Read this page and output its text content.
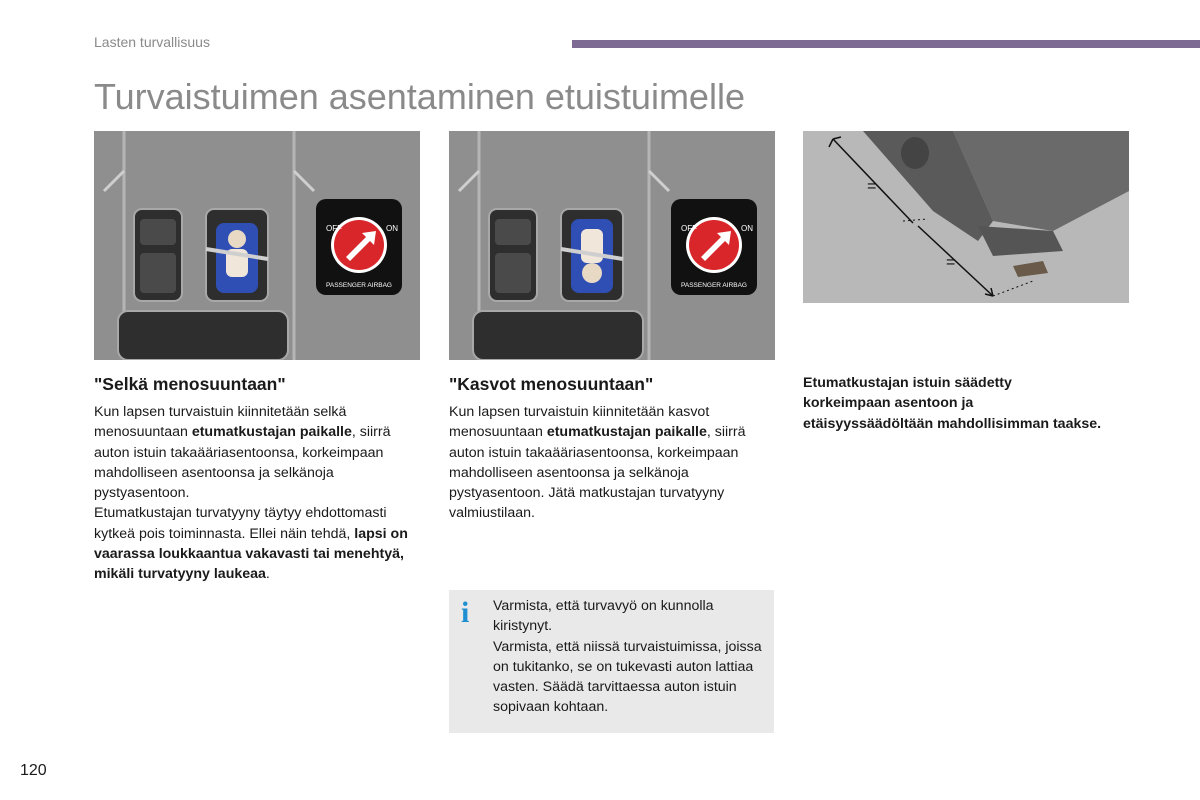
Lasten turvallisuus
Turvaistuimen asentaminen etuistuimelle
OFF	ON
PASSENGER AIRBAG
OFF	ON
PASSENGER AIRBAG
=
=
"Selkä menosuuntaan"
Kun lapsen turvaistuin kiinnitetään selkä menosuuntaan etumatkustajan paikalle, siirrä auton istuin takaääriasentoonsa, korkeimpaan mahdolliseen asentoonsa ja selkänoja pystyasentoon.
Etumatkustajan turvatyyny täytyy ehdottomasti kytkeä pois toiminnasta. Ellei näin tehdä, lapsi on vaarassa loukkaantua vakavasti tai menehtyä, mikäli turvatyyny laukeaa.
"Kasvot menosuuntaan"
Kun lapsen turvaistuin kiinnitetään kasvot menosuuntaan etumatkustajan paikalle, siirrä auton istuin takaääriasentoonsa, korkeimpaan mahdolliseen asentoonsa ja selkänoja pystyasentoon. Jätä matkustajan turvatyyny valmiustilaan.
Etumatkustajan istuin säädetty korkeimpaan asentoon ja etäisyyssäädöltään mahdollisimman taakse.
i Varmista, että turvavyö on kunnolla kiristynyt.
Varmista, että niissä turvaistuimissa, joissa on tukitanko, se on tukevasti auton lattiaa vasten. Säädä tarvittaessa auton istuin sopivaan kohtaan.
120
